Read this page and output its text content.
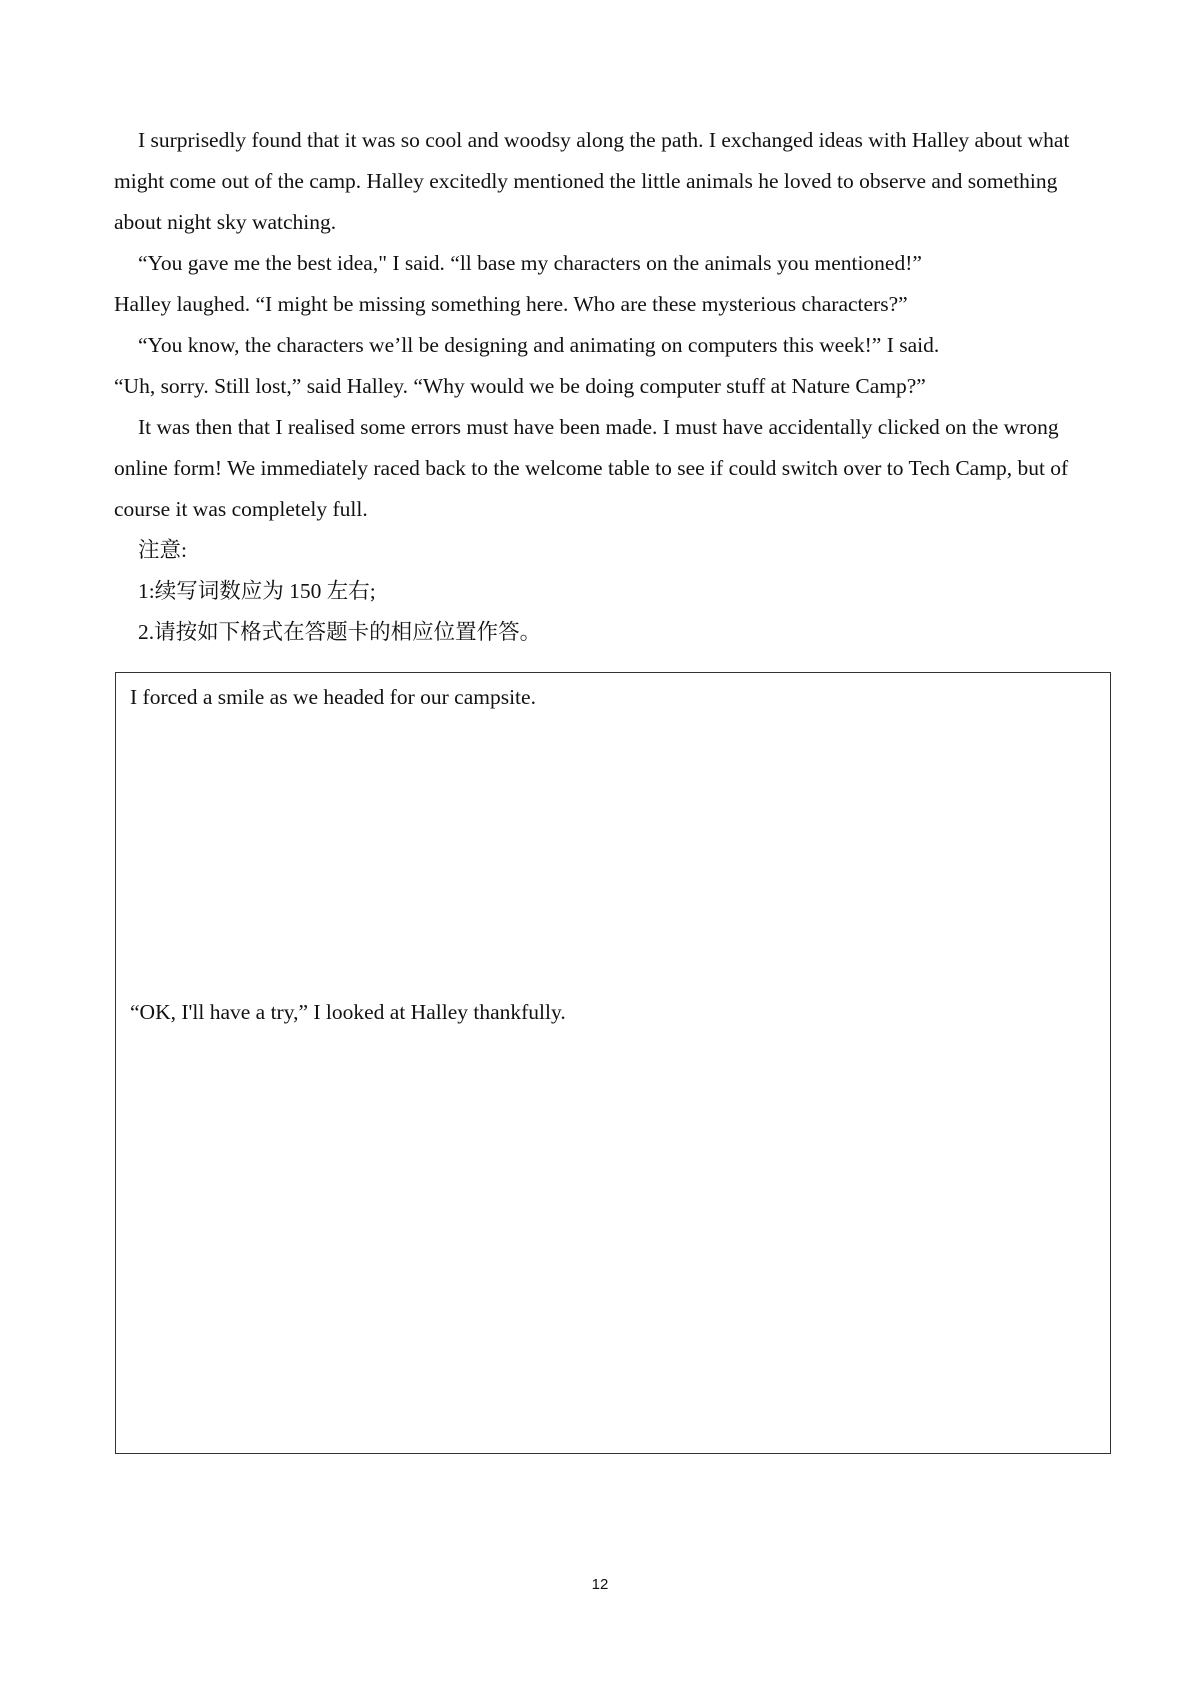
I surprisedly found that it was so cool and woodsy along the path. I exchanged ideas with Halley about what might come out of the camp. Halley excitedly mentioned the little animals he loved to observe and something about night sky watching.

“You gave me the best idea," I said. “ll base my characters on the animals you mentioned!”

Halley laughed. “I might be missing something here. Who are these mysterious characters?”

“You know, the characters we’ll be designing and animating on computers this week!” I said.

“Uh, sorry. Still lost,” said Halley. “Why would we be doing computer stuff at Nature Camp?”

It was then that I realised some errors must have been made. I must have accidentally clicked on the wrong online form! We immediately raced back to the welcome table to see if could switch over to Tech Camp, but of course it was completely full.

注意:

1:续写词数应为 150 左右;

2.请按如下格式在答题卡的相应位置作答。

I forced a smile as we headed for our campsite.
“OK, I'll have a try,” I looked at Halley thankfully.
12
